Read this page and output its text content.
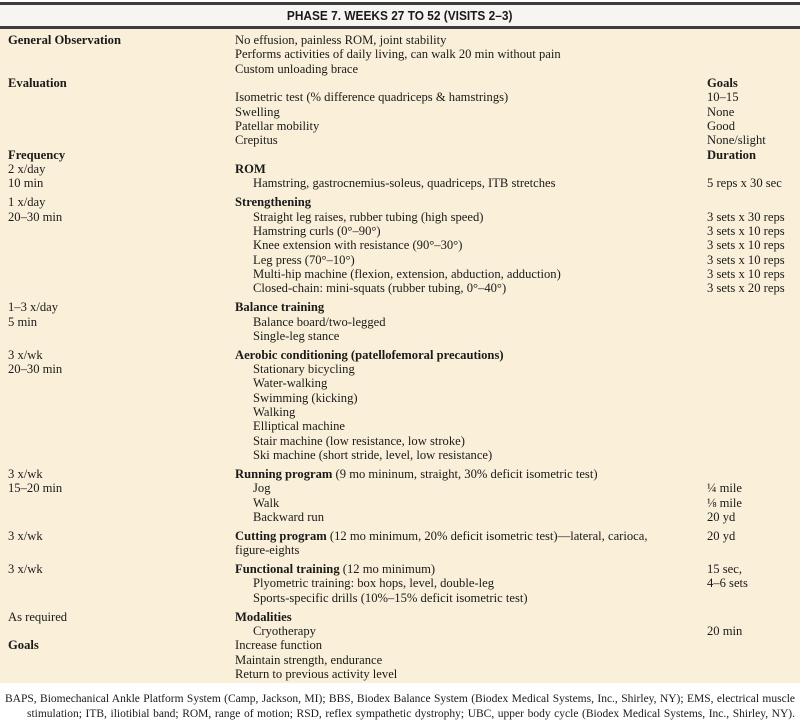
PHASE 7. WEEKS 27 TO 52 (VISITS 2–3)
General Observation	No effusion, painless ROM, joint stability
Performs activities of daily living, can walk 20 min without pain
Custom unloading brace
Evaluation	Goals
Isometric test (% difference quadriceps & hamstrings)	10–15
Swelling	None
Patellar mobility	Good
Crepitus	None/slight
Frequency	Duration
2 x/day	ROM
10 min	Hamstring, gastrocnemius-soleus, quadriceps, ITB stretches	5 reps x 30 sec
1 x/day	Strengthening
20–30 min	Straight leg raises, rubber tubing (high speed)	3 sets x 30 reps
Hamstring curls (0°–90°)	3 sets x 10 reps
Knee extension with resistance (90°–30°)	3 sets x 10 reps
Leg press (70°–10°)	3 sets x 10 reps
Multi-hip machine (flexion, extension, abduction, adduction)	3 sets x 10 reps
Closed-chain: mini-squats (rubber tubing, 0°–40°)	3 sets x 20 reps
1–3 x/day	Balance training
5 min	Balance board/two-legged
Single-leg stance
3 x/wk	Aerobic conditioning (patellofemoral precautions)
20–30 min	Stationary bicycling
Water-walking
Swimming (kicking)
Walking
Elliptical machine
Stair machine (low resistance, low stroke)
Ski machine (short stride, level, low resistance)
3 x/wk	Running program (9 mo mininum, straight, 30% deficit isometric test)
15–20 min	Jog	¼ mile
Walk	⅛ mile
Backward run	20 yd
3 x/wk	Cutting program (12 mo minimum, 20% deficit isometric test)—lateral, carioca,	20 yd
figure-eights
3 x/wk	Functional training (12 mo minimum)	15 sec,
Plyometric training: box hops, level, double-leg	4–6 sets
Sports-specific drills (10%–15% deficit isometric test)
As required	Modalities
Cryotherapy	20 min
Goals	Increase function
Maintain strength, endurance
Return to previous activity level
BAPS, Biomechanical Ankle Platform System (Camp, Jackson, MI); BBS, Biodex Balance System (Biodex Medical Systems, Inc., Shirley, NY); EMS, electrical muscle
stimulation; ITB, iliotibial band; ROM, range of motion; RSD, reflex sympathetic dystrophy; UBC, upper body cycle (Biodex Medical Systems, Inc., Shirley, NY).
